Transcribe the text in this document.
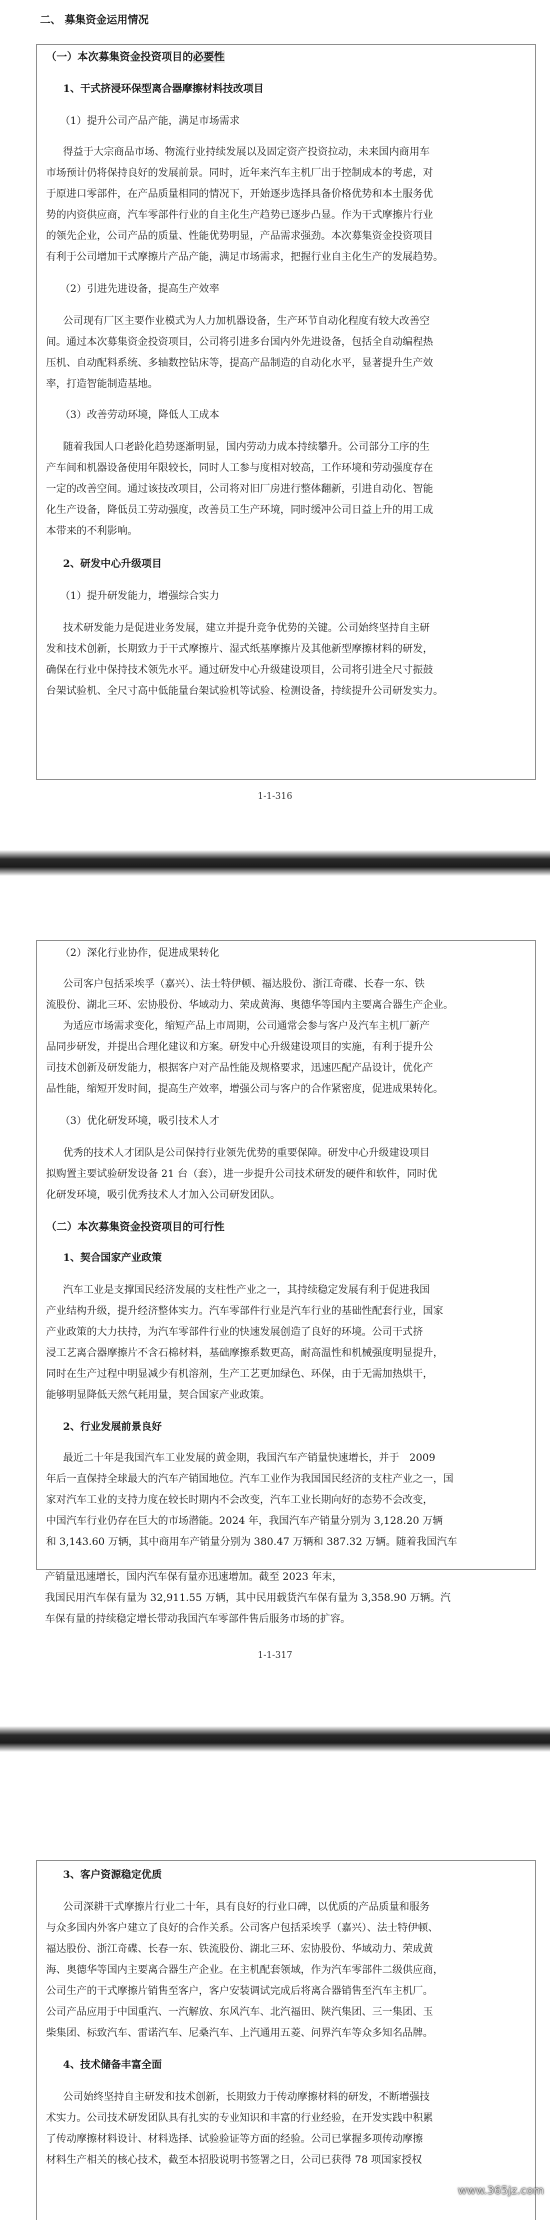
二、 募集资金运用情况
（一）本次募集资金投资项目的必要性
1、干式挤浸环保型离合器摩擦材料技改项目
（1）提升公司产品产能，满足市场需求
得益于大宗商品市场、物流行业持续发展以及固定资产投资拉动，未来国内商用车
市场预计仍将保持良好的发展前景。同时，近年来汽车主机厂出于控制成本的考虑，对
于原进口零部件，在产品质量相同的情况下，开始逐步选择具备价格优势和本土服务优
势的内资供应商，汽车零部件行业的自主化生产趋势已逐步凸显。作为干式摩擦片行业
的领先企业，公司产品的质量、性能优势明显，产品需求强劲。本次募集资金投资项目
有利于公司增加干式摩擦片产品产能，满足市场需求，把握行业自主化生产的发展趋势。
（2）引进先进设备，提高生产效率
公司现有厂区主要作业模式为人力加机器设备，生产环节自动化程度有较大改善空
间。通过本次募集资金投资项目，公司将引进多台国内外先进设备，包括全自动编程热
压机、自动配料系统、多轴数控钻床等，提高产品制造的自动化水平，显著提升生产效
率，打造智能制造基地。
（3）改善劳动环境，降低人工成本
随着我国人口老龄化趋势逐渐明显，国内劳动力成本持续攀升。公司部分工序的生
产车间和机器设备使用年限较长，同时人工参与度相对较高，工作环境和劳动强度存在
一定的改善空间。通过该技改项目，公司将对旧厂房进行整体翻新，引进自动化、智能
化生产设备，降低员工劳动强度，改善员工生产环境，同时缓冲公司日益上升的用工成
本带来的不利影响。
2、研发中心升级项目
（1）提升研发能力，增强综合实力
技术研发能力是促进业务发展，建立并提升竞争优势的关键。公司始终坚持自主研
发和技术创新，长期致力于干式摩擦片、湿式纸基摩擦片及其他新型摩擦材料的研发，
确保在行业中保持技术领先水平。通过研发中心升级建设项目，公司将引进全尺寸振鼓
台架试验机、全尺寸高中低能量台架试验机等试验、检测设备，持续提升公司研发实力。
1-1-316
（2）深化行业协作，促进成果转化
公司客户包括采埃孚（嘉兴）、法士特伊顿、福达股份、浙江奇碟、长春一东、铁
流股份、湖北三环、宏协股份、华域动力、荣成黄海、奥德华等国内主要离合器生产企业。
为适应市场需求变化，缩短产品上市周期，公司通常会参与客户及汽车主机厂新产
品同步研发，并提出合理化建议和方案。研发中心升级建设项目的实施，有利于提升公
司技术创新及研发能力，根据客户对产品性能及规格要求，迅速匹配产品设计，优化产
品性能，缩短开发时间，提高生产效率，增强公司与客户的合作紧密度，促进成果转化。
（3）优化研发环境，吸引技术人才
优秀的技术人才团队是公司保持行业领先优势的重要保障。研发中心升级建设项目
拟购置主要试验研发设备 21 台（套），进一步提升公司技术研发的硬件和软件，同时优
化研发环境，吸引优秀技术人才加入公司研发团队。
（二）本次募集资金投资项目的可行性
1、契合国家产业政策
汽车工业是支撑国民经济发展的支柱性产业之一，其持续稳定发展有利于促进我国
产业结构升级，提升经济整体实力。汽车零部件行业是汽车行业的基础性配套行业，国家
产业政策的大力扶持，为汽车零部件行业的快速发展创造了良好的环境。公司干式挤
浸工艺离合器摩擦片不含石棉材料，基础摩擦系数更高，耐高温性和机械强度明显提升，
同时在生产过程中明显减少有机溶剂，生产工艺更加绿色、环保，由于无需加热烘干，
能够明显降低天然气耗用量，契合国家产业政策。
2、行业发展前景良好
最近二十年是我国汽车工业发展的黄金期，我国汽车产销量快速增长，并于　2009
年后一直保持全球最大的汽车产销国地位。汽车工业作为我国国民经济的支柱产业之一，国
家对汽车工业的支持力度在较长时期内不会改变，汽车工业长期向好的态势不会改变，
中国汽车行业仍存在巨大的市场潜能。2024 年，我国汽车产销量分别为 3,128.20 万辆
和 3,143.60 万辆，其中商用车产销量分别为 380.47 万辆和 387.32 万辆。随着我国汽车
产销量迅速增长，国内汽车保有量亦迅速增加。截至 2023 年末，
我国民用汽车保有量为 32,911.55 万辆，其中民用载货汽车保有量为 3,358.90 万辆。汽
车保有量的持续稳定增长带动我国汽车零部件售后服务市场的扩容。
1-1-317
3、客户资源稳定优质
公司深耕干式摩擦片行业二十年，具有良好的行业口碑，以优质的产品质量和服务
与众多国内外客户建立了良好的合作关系。公司客户包括采埃孚（嘉兴）、法士特伊顿、
福达股份、浙江奇碟、长春一东、铁流股份、湖北三环、宏协股份、华域动力、荣成黄
海、奥德华等国内主要离合器生产企业。在主机配套领域，作为汽车零部件二级供应商，
公司生产的干式摩擦片销售至客户，客户安装调试完成后将离合器销售至汽车主机厂。
公司产品应用于中国重汽、一汽解放、东风汽车、北汽福田、陕汽集团、三一集团、玉
柴集团、标致汽车、雷诺汽车、尼桑汽车、上汽通用五菱、问界汽车等众多知名品牌。
4、技术储备丰富全面
公司始终坚持自主研发和技术创新，长期致力于传动摩擦材料的研发，不断增强技
术实力。公司技术研发团队具有扎实的专业知识和丰富的行业经验，在开发实践中积累
了传动摩擦材料设计、材料选择、试验验证等方面的经验。公司已掌握多项传动摩擦
材料生产相关的核心技术，截至本招股说明书签署之日，公司已获得 78 项国家授权
www.365jz.com
